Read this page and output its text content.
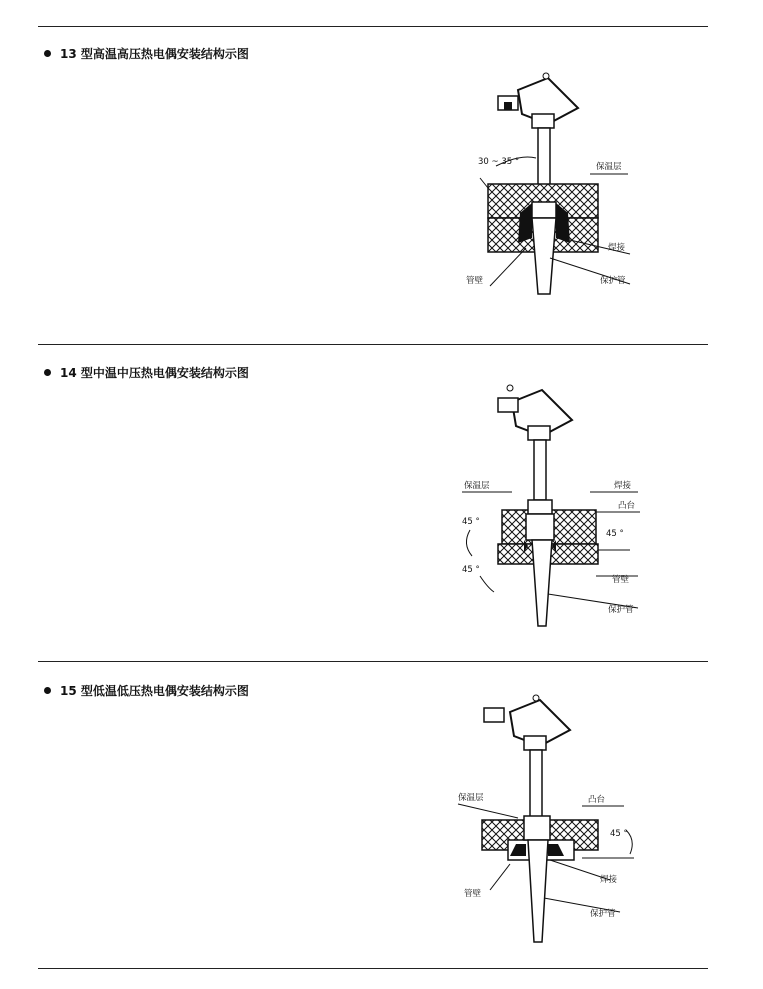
13 型高温高压热电偶安装结构示图
30 ~ 35 °	保温层
焊接
管壁	保护管
14 型中温中压热电偶安装结构示图
保温层	焊接
凸台
45 °
45 °
45 °
管壁
保护管
15 型低温低压热电偶安装结构示图
保温层	凸台
45 °
焊接
管壁
保护管
